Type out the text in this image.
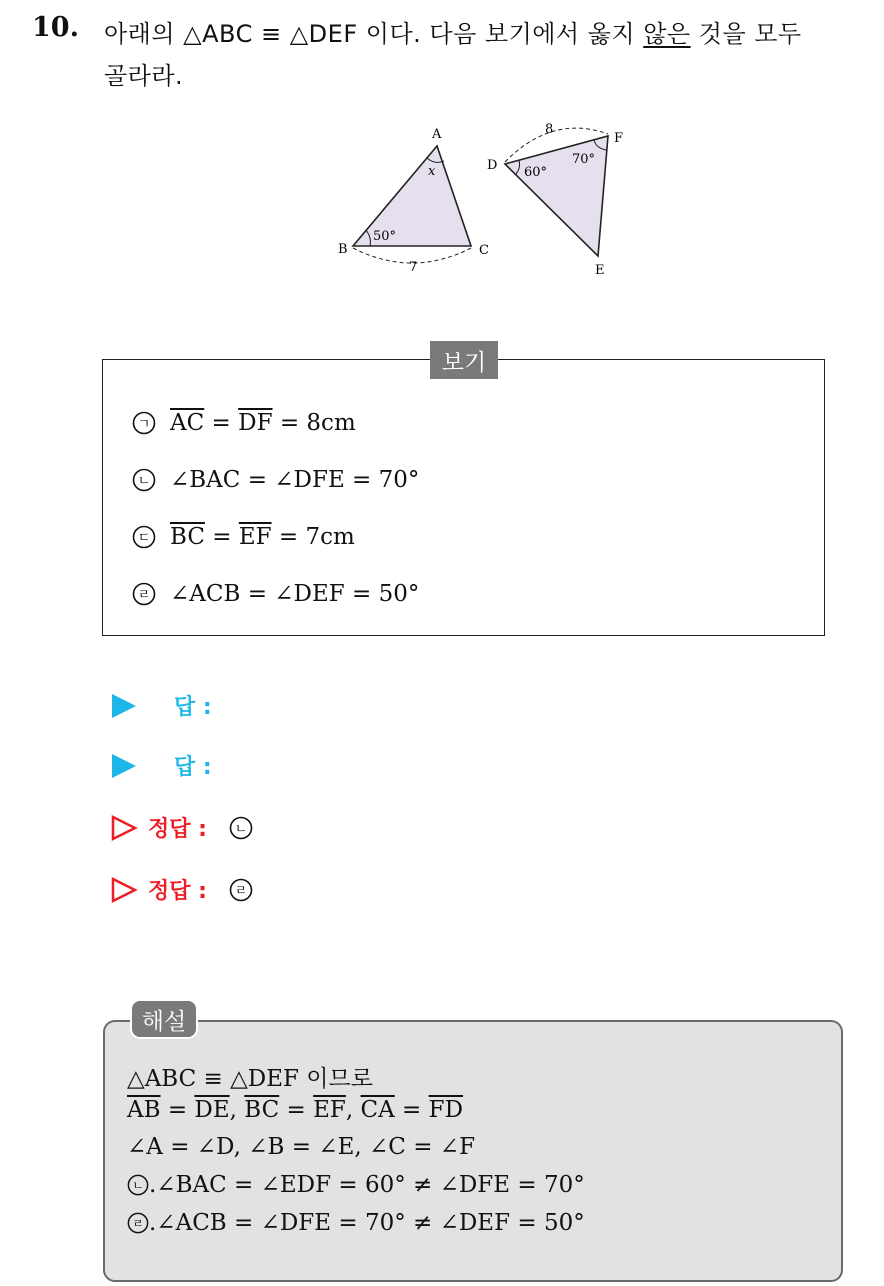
10. 아래의 △ABC ≡ △DEF 이다. 다음 보기에서 옳지 않은 것을 모두
골라라.
A
B	C
x
50°
7
D
E
F
60°
70°
8
보기
ㄱ $\overline{AC} = \overline{DF} = 8cm$
ㄴ ∠BAC = ∠DFE = 70°
ㄷ $\overline{BC} = \overline{EF} = 7cm$
ㄹ ∠ACB = ∠DEF = 50°
답 :
답 :
정답 : ㄴ
정답 : ㄹ
해설
△ABC ≡ △DEF 이므로
$\overline{AB} = \overline{DE}$ , $\overline{BC} = \overline{EF}$ , $\overline{CA} = \overline{FD}$
∠A = ∠D, ∠B = ∠E, ∠C = ∠F
ㄴ .∠BAC = ∠EDF = 60° ≠ ∠DFE = 70°
ㄹ .∠ACB = ∠DFE = 70° ≠ ∠DEF = 50°
